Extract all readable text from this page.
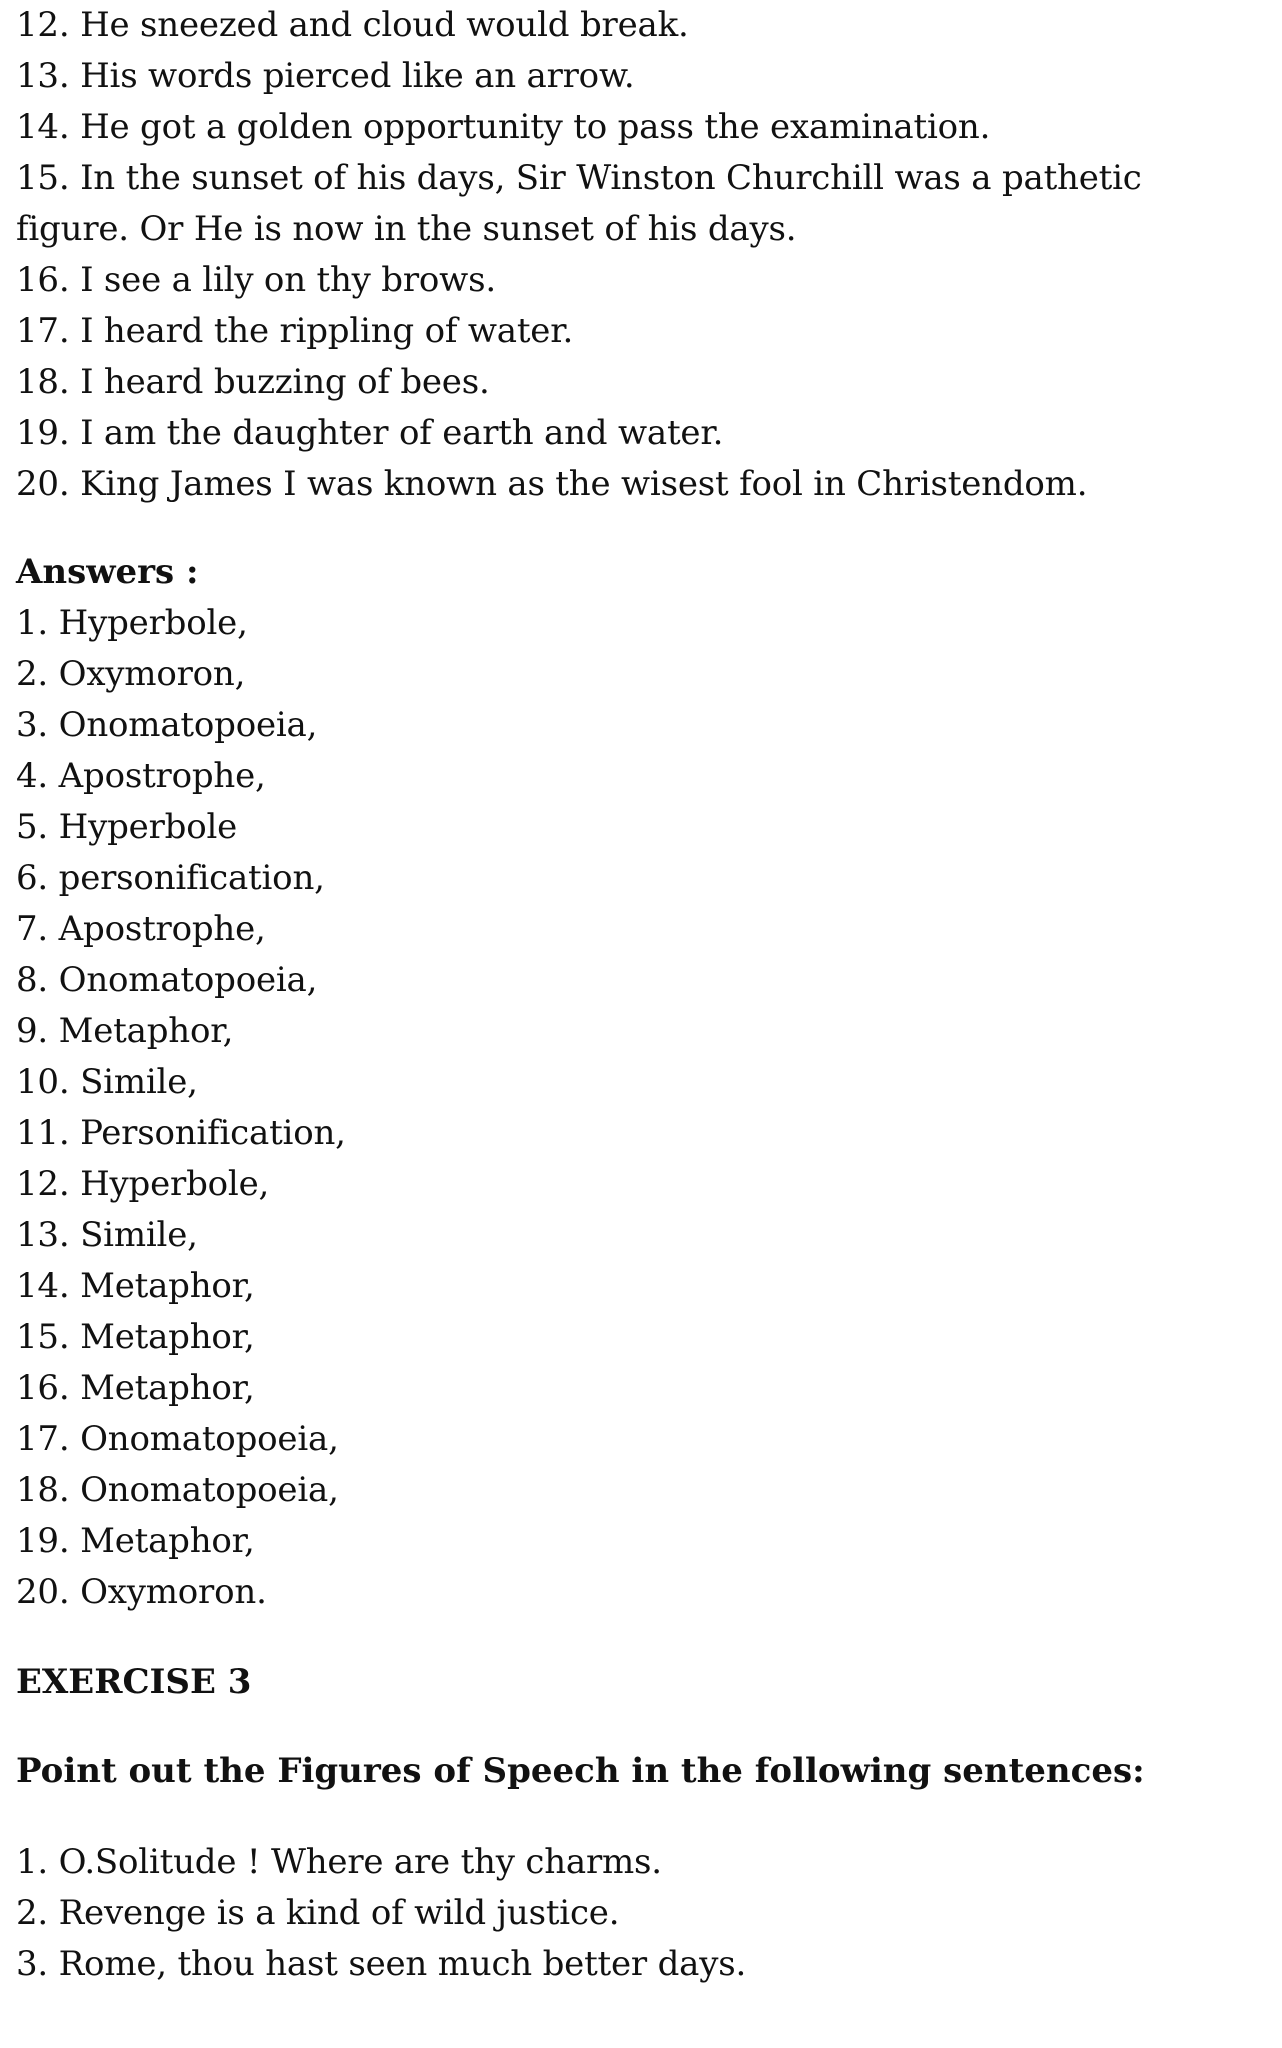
12. He sneezed and cloud would break.
13. His words pierced like an arrow.
14. He got a golden opportunity to pass the examination.
15. In the sunset of his days, Sir Winston Churchill was a pathetic
figure. Or He is now in the sunset of his days.
16. I see a lily on thy brows.
17. I heard the rippling of water.
18. I heard buzzing of bees.
19. I am the daughter of earth and water.
20. King James I was known as the wisest fool in Christendom.
Answers :
1. Hyperbole,
2. Oxymoron,
3. Onomatopoeia,
4. Apostrophe,
5. Hyperbole
6. personification,
7. Apostrophe,
8. Onomatopoeia,
9. Metaphor,
10. Simile,
11. Personification,
12. Hyperbole,
13. Simile,
14. Metaphor,
15. Metaphor,
16. Metaphor,
17. Onomatopoeia,
18. Onomatopoeia,
19. Metaphor,
20. Oxymoron.
EXERCISE 3
Point out the Figures of Speech in the following sentences:
1. O.Solitude ! Where are thy charms.
2. Revenge is a kind of wild justice.
3. Rome, thou hast seen much better days.
